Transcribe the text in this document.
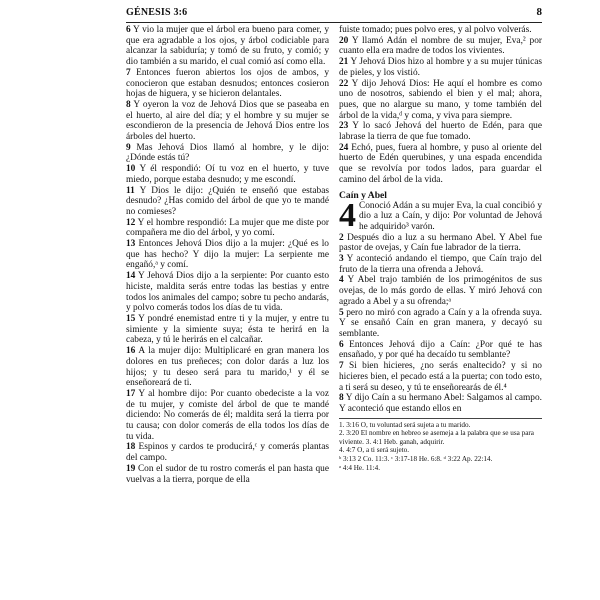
GÉNESIS 3:6	8
6 Y vio la mujer que el árbol era bueno para comer, y que era agradable a los ojos, y árbol codiciable para alcanzar la sabiduría; y tomó de su fruto, y comió; y dio también a su marido, el cual comió así como ella.
7 Entonces fueron abiertos los ojos de ambos, y conocieron que estaban desnudos; entonces cosieron hojas de higuera, y se hicieron delantales.
8 Y oyeron la voz de Jehová Dios que se paseaba en el huerto, al aire del día; y el hombre y su mujer se escondieron de la presencia de Jehová Dios entre los árboles del huerto.
9 Mas Jehová Dios llamó al hombre, y le dijo: ¿Dónde estás tú?
10 Y él respondió: Oí tu voz en el huerto, y tuve miedo, porque estaba desnudo; y me escondí.
11 Y Dios le dijo: ¿Quién te enseñó que estabas desnudo? ¿Has comido del árbol de que yo te mandé no comieses?
12 Y el hombre respondió: La mujer que me diste por compañera me dio del árbol, y yo comí.
13 Entonces Jehová Dios dijo a la mujer: ¿Qué es lo que has hecho? Y dijo la mujer: La serpiente me engañó,ᵃ y comí.
14 Y Jehová Dios dijo a la serpiente: Por cuanto esto hiciste, maldita serás entre todas las bestias y entre todos los animales del campo; sobre tu pecho andarás, y polvo comerás todos los días de tu vida.
15 Y pondré enemistad entre ti y la mujer, y entre tu simiente y la simiente suya; ésta te herirá en la cabeza, y tú le herirás en el calcañar.
16 A la mujer dijo: Multiplicaré en gran manera los dolores en tus preñeces; con dolor darás a luz los hijos; y tu deseo será para tu marido,¹ y él se enseñoreará de ti.
17 Y al hombre dijo: Por cuanto obedeciste a la voz de tu mujer, y comiste del árbol de que te mandé diciendo: No comerás de él; maldita será la tierra por tu causa; con dolor comerás de ella todos los días de tu vida.
18 Espinos y cardos te producirá,ᶜ y comerás plantas del campo.
19 Con el sudor de tu rostro comerás el pan hasta que vuelvas a la tierra, porque de ella
fuiste tomado; pues polvo eres, y al polvo volverás.
20 Y llamó Adán el nombre de su mujer, Eva,² por cuanto ella era madre de todos los vivientes.
21 Y Jehová Dios hizo al hombre y a su mujer túnicas de pieles, y los vistió.
22 Y dijo Jehová Dios: He aquí el hombre es como uno de nosotros, sabiendo el bien y el mal; ahora, pues, que no alargue su mano, y tome también del árbol de la vida,ᵈ y coma, y viva para siempre.
23 Y lo sacó Jehová del huerto de Edén, para que labrase la tierra de que fue tomado.
24 Echó, pues, fuera al hombre, y puso al oriente del huerto de Edén querubines, y una espada encendida que se revolvía por todos lados, para guardar el camino del árbol de la vida.
Caín y Abel
4 Conoció Adán a su mujer Eva, la cual concibió y dio a luz a Caín, y dijo: Por voluntad de Jehová he adquirido³ varón.
2 Después dio a luz a su hermano Abel. Y Abel fue pastor de ovejas, y Caín fue labrador de la tierra.
3 Y aconteció andando el tiempo, que Caín trajo del fruto de la tierra una ofrenda a Jehová.
4 Y Abel trajo también de los primogénitos de sus ovejas, de lo más gordo de ellas. Y miró Jehová con agrado a Abel y a su ofrenda;ᵃ
5 pero no miró con agrado a Caín y a la ofrenda suya. Y se ensañó Caín en gran manera, y decayó su semblante.
6 Entonces Jehová dijo a Caín: ¿Por qué te has ensañado, y por qué ha decaído tu semblante?
7 Si bien hicieres, ¿no serás enaltecido? y si no hicieres bien, el pecado está a la puerta; con todo esto, a ti será su deseo, y tú te enseñorearás de él.⁴
8 Y dijo Caín a su hermano Abel: Salgamos al campo. Y aconteció que estando ellos en
1. 3:16 O, tu voluntad será sujeta a tu marido.
2. 3:20 El nombre en hebreo se asemeja a la palabra que se usa para viviente. 3. 4:1 Heb. ganah, adquirir.
4. 4:7 O, a ti será sujeto.
ᵇ 3:13 2 Co. 11:3. ᶜ 3:17-18 He. 6:8. ᵈ 3:22 Ap. 22:14.
ᵃ 4:4 He. 11:4.
